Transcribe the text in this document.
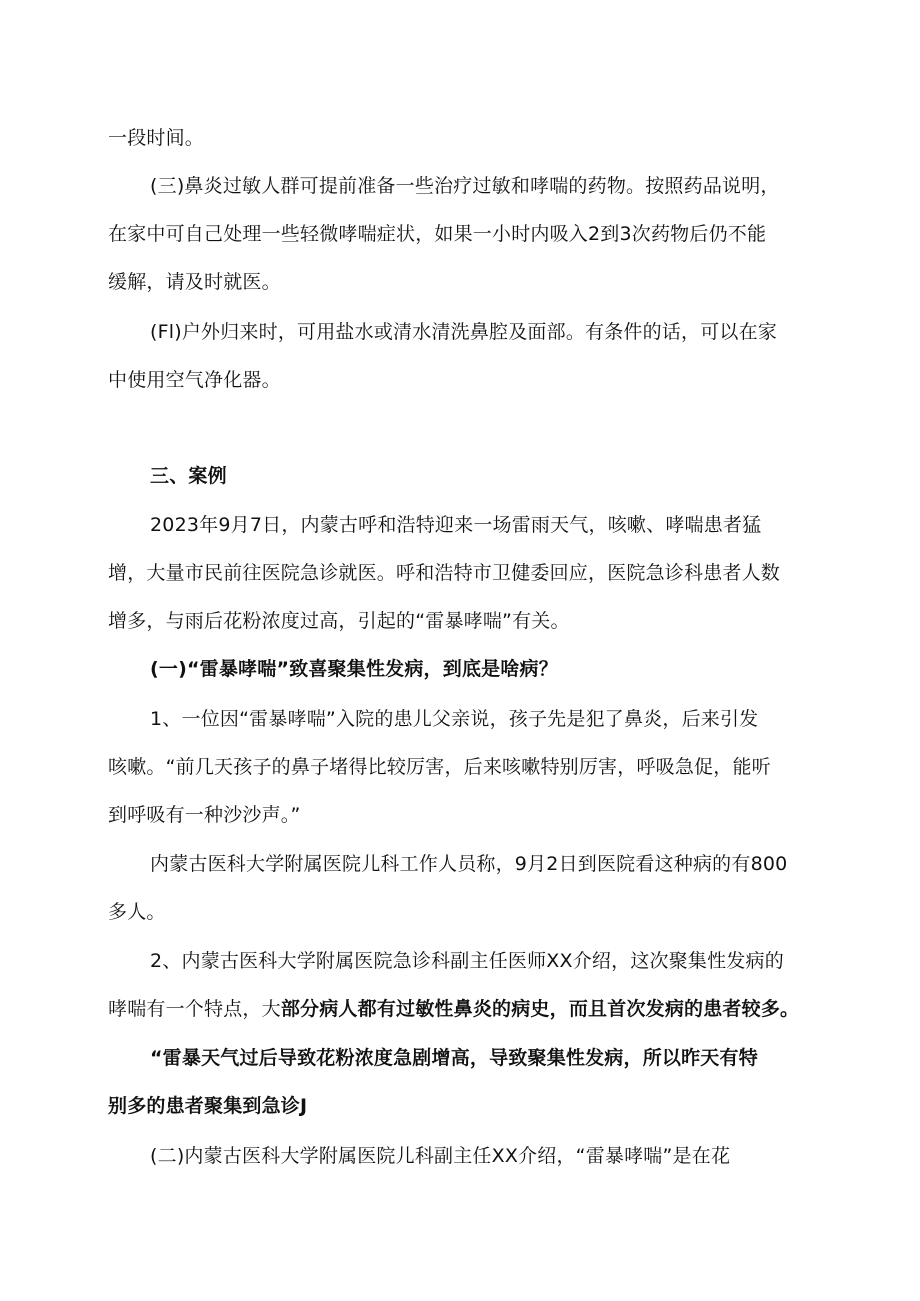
一段时间。
(三)鼻炎过敏人群可提前准备一些治疗过敏和哮喘的药物。按照药品说明，
在家中可自己处理一些轻微哮喘症状，如果一小时内吸入2到3次药物后仍不能
缓解，请及时就医。
(Fl)户外归来时，可用盐水或清水清洗鼻腔及面部。有条件的话，可以在家
中使用空气净化器。
三、案例
2023年9月7日，内蒙古呼和浩特迎来一场雷雨天气，咳嗽、哮喘患者猛
增，大量市民前往医院急诊就医。呼和浩特市卫健委回应，医院急诊科患者人数
增多，与雨后花粉浓度过高，引起的“雷暴哮喘”有关。
(一)“雷暴哮喘”致喜聚集性发病，到底是啥病？
1、一位因“雷暴哮喘”入院的患儿父亲说，孩子先是犯了鼻炎，后来引发
咳嗽。“前几天孩子的鼻子堵得比较厉害，后来咳嗽特别厉害，呼吸急促，能听
到呼吸有一种沙沙声。”
内蒙古医科大学附属医院儿科工作人员称，9月2日到医院看这种病的有800
多人。
2、内蒙古医科大学附属医院急诊科副主任医师XX介绍，这次聚集性发病的
哮喘有一个特点，大部分病人都有过敏性鼻炎的病史，而且首次发病的患者较多。
“雷暴天气过后导致花粉浓度急剧增高，导致聚集性发病，所以昨天有特
别多的患者聚集到急诊J
(二)内蒙古医科大学附属医院儿科副主任XX介绍，“雷暴哮喘”是在花
